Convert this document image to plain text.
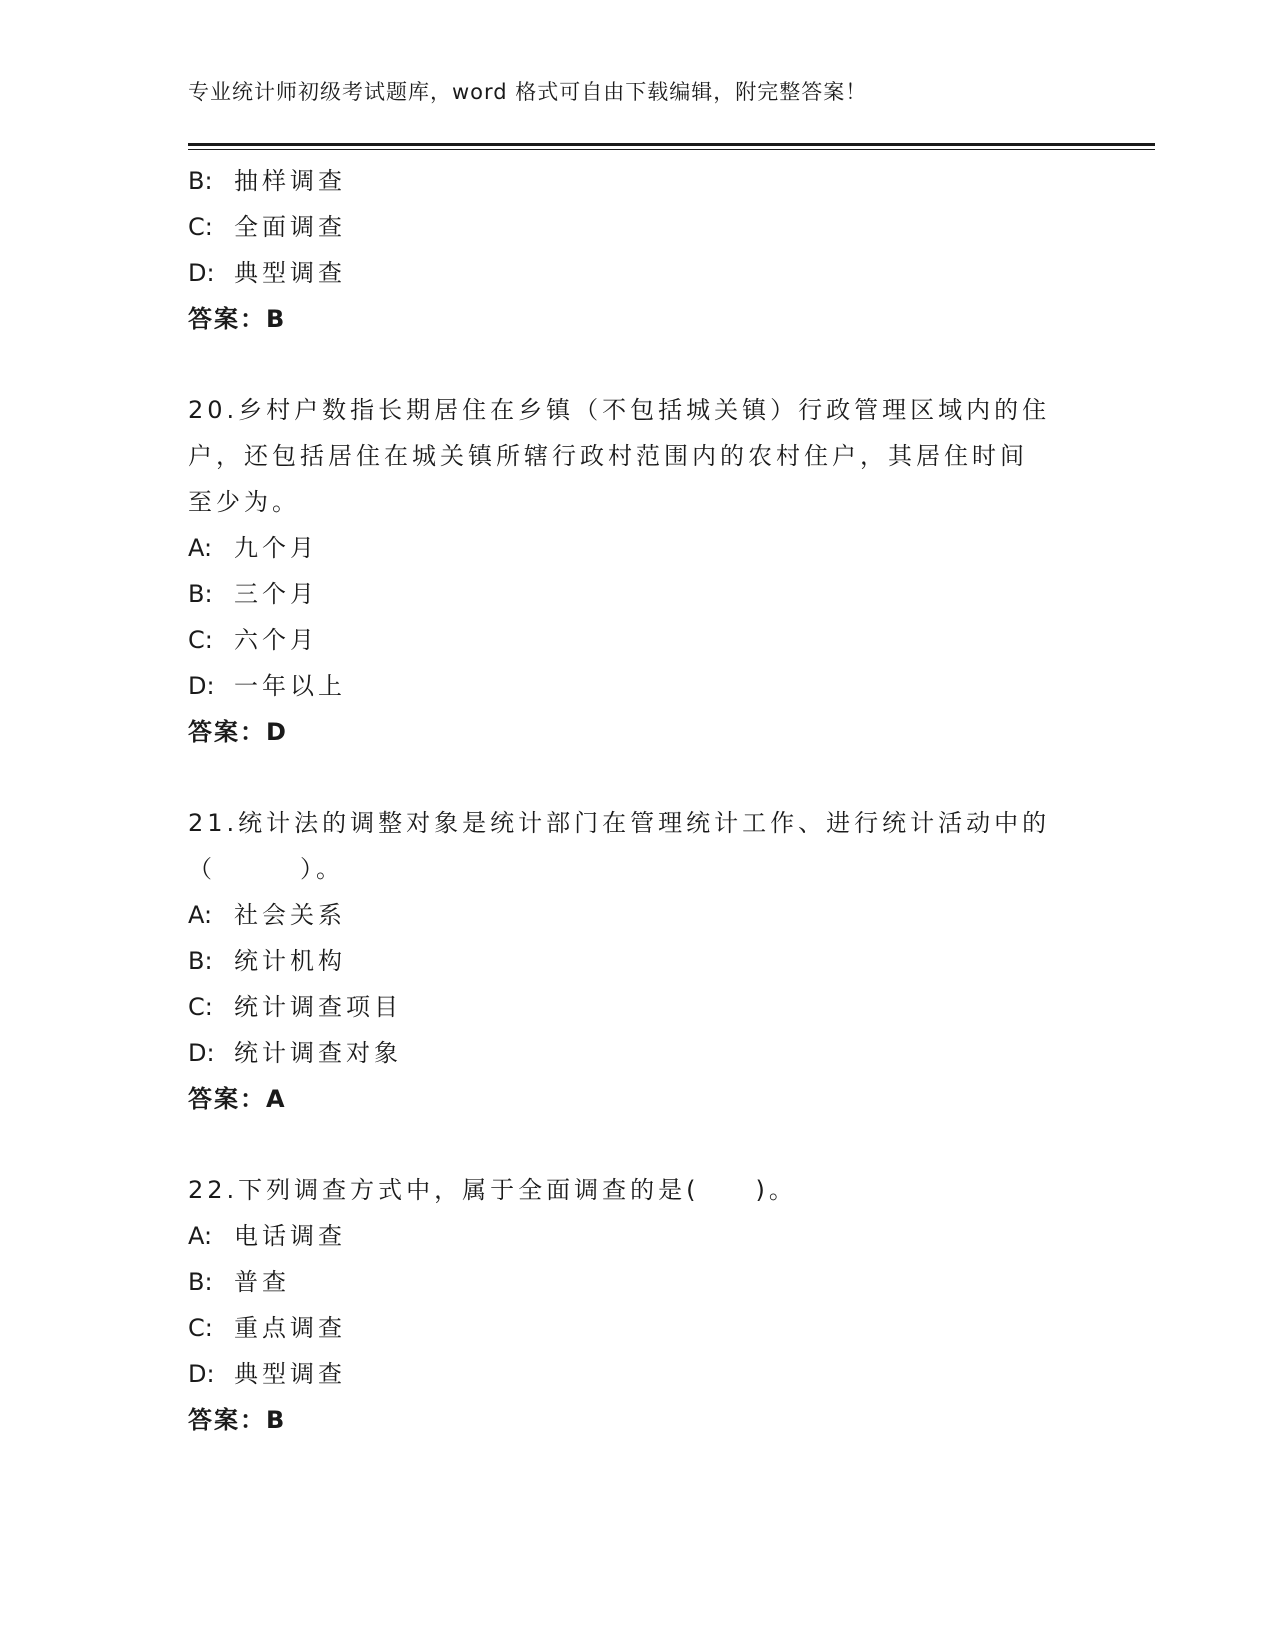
专业统计师初级考试题库，word 格式可自由下载编辑，附完整答案！
B: 抽样调查
C: 全面调查
D: 典型调查
答案：B
20.乡村户数指长期居住在乡镇（不包括城关镇）行政管理区域内的住
户，还包括居住在城关镇所辖行政村范围内的农村住户，其居住时间
至少为。
A: 九个月
B: 三个月
C: 六个月
D: 一年以上
答案：D
21.统计法的调整对象是统计部门在管理统计工作、进行统计活动中的
（　　　）。
A: 社会关系
B: 统计机构
C: 统计调查项目
D: 统计调查对象
答案：A
22.下列调查方式中，属于全面调查的是(　　)。
A: 电话调查
B: 普查
C: 重点调查
D: 典型调查
答案：B
